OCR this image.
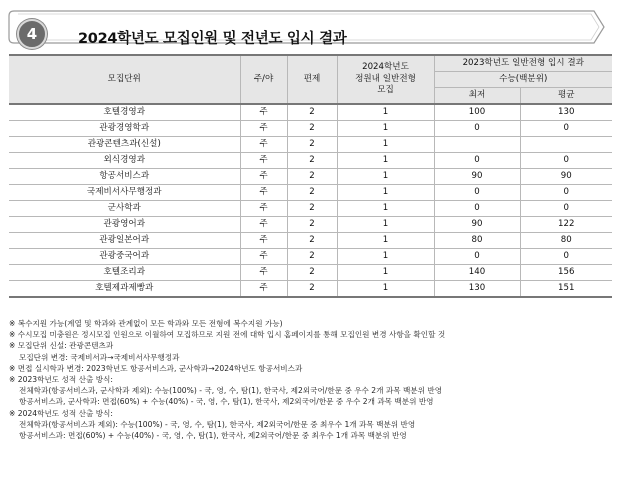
4	2024학년도 모집인원 및 전년도 입시 결과
모집단위	주/야	편제	2024학년도
정원내 일반전형
모집	2023학년도 일반전형 입시 결과	
				수능(백분위)	
				최저	평균
호텔경영과	주	2	1	100	130
관광경영학과	주	2	1	0	0
관광콘텐츠과(신설)	주	2	1		
외식경영과	주	2	1	0	0
항공서비스과	주	2	1	90	90
국제비서사무행정과	주	2	1	0	0
군사학과	주	2	1	0	0
관광영어과	주	2	1	90	122
관광일본어과	주	2	1	80	80
관광중국어과	주	2	1	0	0
호텔조리과	주	2	1	140	156
호텔제과제빵과	주	2	1	130	151
※ 복수지원 가능(계열 및 학과와 관계없이 모든 학과와 모든 전형에 복수지원 가능)
※ 수시모집 미충원은 정시모집 인원으로 이월하여 모집하므로 지원 전에 대학 입시 홈페이지를 통해 모집인원 변경 사항을 확인할 것
※ 모집단위 신설: 관광콘텐츠과
모집단위 변경: 국제비서과→국제비서사무행정과
※ 면접 실시학과 변경: 2023학년도 항공서비스과, 군사학과→2024학년도 항공서비스과
※ 2023학년도 성적 산출 방식:
전체학과(항공서비스과, 군사학과 제외): 수능(100%) - 국, 영, 수, 탐(1), 한국사, 제2외국어/한문 중 우수 2개 과목 백분위 반영
항공서비스과, 군사학과: 면접(60%) + 수능(40%) - 국, 영, 수, 탐(1), 한국사, 제2외국어/한문 중 우수 2개 과목 백분위 반영
※ 2024학년도 성적 산출 방식:
전체학과(항공서비스과 제외): 수능(100%) - 국, 영, 수, 탐(1), 한국사, 제2외국어/한문 중 최우수 1개 과목 백분위 반영
항공서비스과: 면접(60%) + 수능(40%) - 국, 영, 수, 탐(1), 한국사, 제2외국어/한문 중 최우수 1개 과목 백분위 반영
